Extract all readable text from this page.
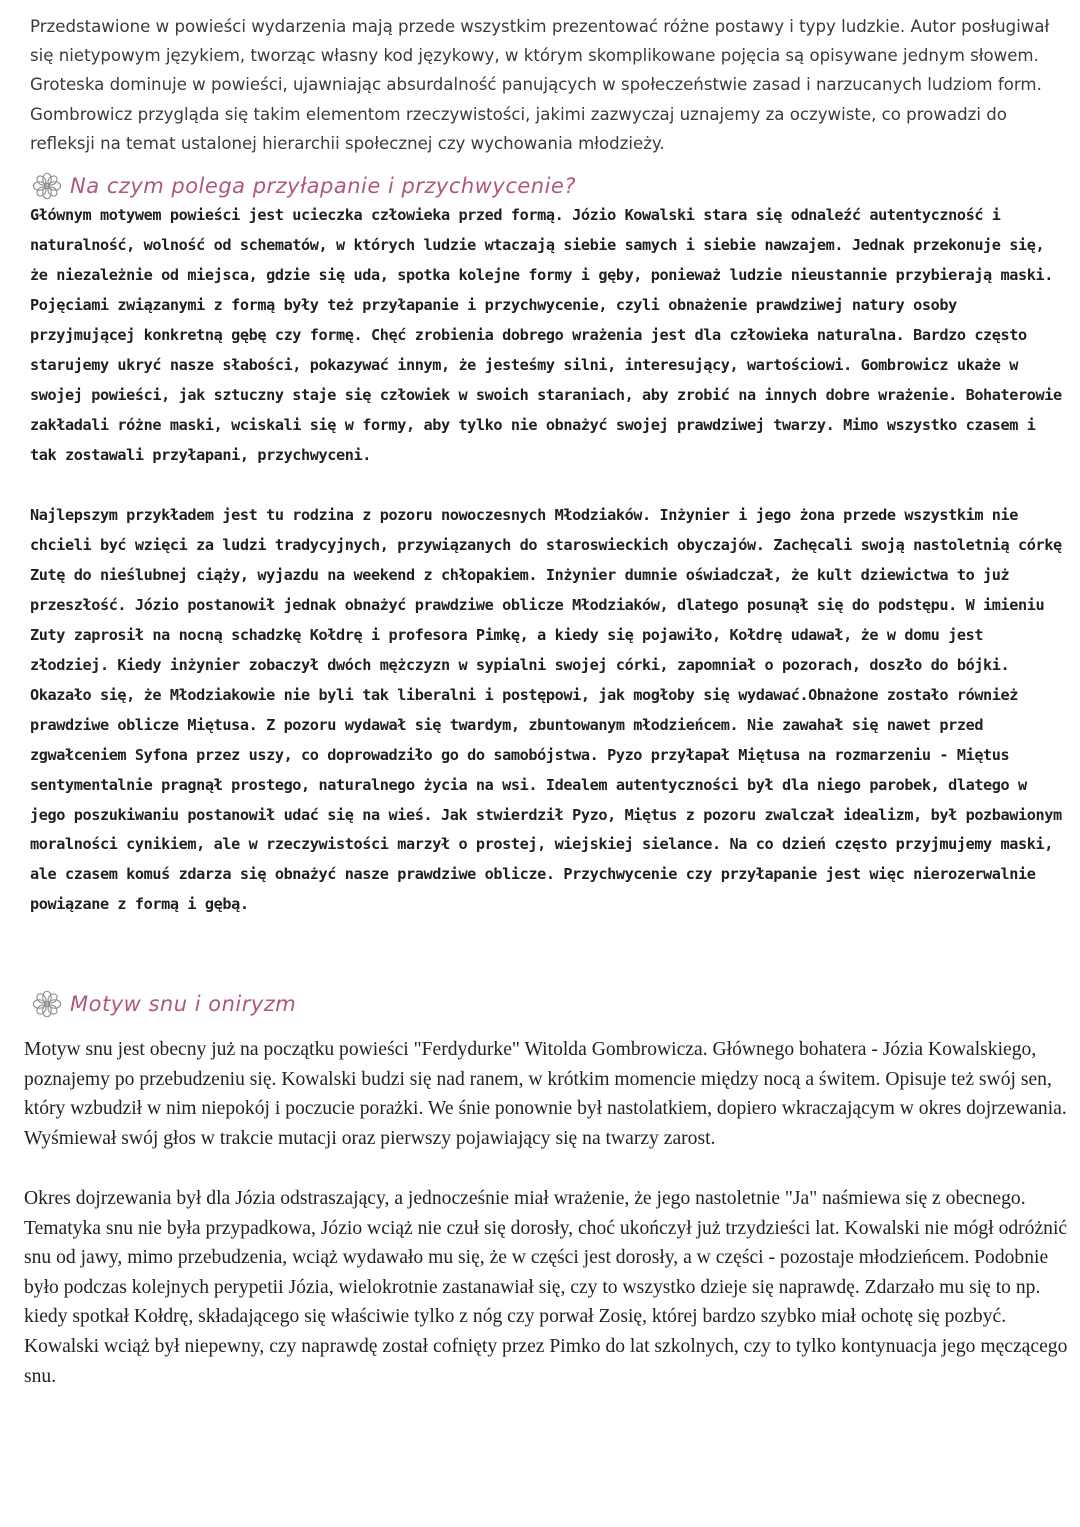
Przedstawione w powieści wydarzenia mają przede wszystkim prezentować różne postawy i typy ludzkie. Autor posługiwał się nietypowym językiem, tworząc własny kod językowy, w którym skomplikowane pojęcia są opisywane jednym słowem. Groteska dominuje w powieści, ujawniając absurdalność panujących w społeczeństwie zasad i narzucanych ludziom form. Gombrowicz przygląda się takim elementom rzeczywistości, jakimi zazwyczaj uznajemy za oczywiste, co prowadzi do refleksji na temat ustalonej hierarchii społecznej czy wychowania młodzieży.

Na czym polega przyłapanie i przychwycenie?

Głównym motywem powieści jest ucieczka człowieka przed formą. Józio Kowalski stara się odnaleźć autentyczność i naturalność, wolność od schematów, w których ludzie wtaczają siebie samych i siebie nawzajem. Jednak przekonuje się, że niezależnie od miejsca, gdzie się uda, spotka kolejne formy i gęby, ponieważ ludzie nieustannie przybierają maski. Pojęciami związanymi z formą były też przyłapanie i przychwycenie, czyli obnażenie prawdziwej natury osoby przyjmującej konkretną gębę czy formę. Chęć zrobienia dobrego wrażenia jest dla człowieka naturalna. Bardzo często starujemy ukryć nasze słabości, pokazywać innym, że jesteśmy silni, interesujący, wartościowi. Gombrowicz ukaże w swojej powieści, jak sztuczny staje się człowiek w swoich staraniach, aby zrobić na innych dobre wrażenie. Bohaterowie zakładali różne maski, wciskali się w formy, aby tylko nie obnażyć swojej prawdziwej twarzy. Mimo wszystko czasem i tak zostawali przyłapani, przychwyceni.

Najlepszym przykładem jest tu rodzina z pozoru nowoczesnych Młodziaków. Inżynier i jego żona przede wszystkim nie chcieli być wzięci za ludzi tradycyjnych, przywiązanych do staroswieckich obyczajów. Zachęcali swoją nastoletnią córkę Zutę do nieślubnej ciąży, wyjazdu na weekend z chłopakiem. Inżynier dumnie oświadczał, że kult dziewictwa to już przeszłość. Józio postanowił jednak obnażyć prawdziwe oblicze Młodziaków, dlatego posunął się do podstępu. W imieniu Zuty zaprosił na nocną schadzkę Kołdrę i profesora Pimkę, a kiedy się pojawiło, Kołdrę udawał, że w domu jest złodziej. Kiedy inżynier zobaczył dwóch mężczyzn w sypialni swojej córki, zapomniał o pozorach, doszło do bójki. Okazało się, że Młodziakowie nie byli tak liberalni i postępowi, jak mogłoby się wydawać.Obnażone zostało również prawdziwe oblicze Miętusa. Z pozoru wydawał się twardym, zbuntowanym młodzieńcem. Nie zawahał się nawet przed zgwałceniem Syfona przez uszy, co doprowadziło go do samobójstwa. Pyzo przyłapał Miętusa na rozmarzeniu - Miętus sentymentalnie pragnął prostego, naturalnego życia na wsi. Idealem autentyczności był dla niego parobek, dlatego w jego poszukiwaniu postanowił udać się na wieś. Jak stwierdził Pyzo, Miętus z pozoru zwalczał idealizm, był pozbawionym moralności cynikiem, ale w rzeczywistości marzył o prostej, wiejskiej sielance. Na co dzień często przyjmujemy maski, ale czasem komuś zdarza się obnażyć nasze prawdziwe oblicze. Przychwycenie czy przyłapanie jest więc nierozerwalnie powiązane z formą i gębą.

Motyw snu i oniryzm

Motyw snu jest obecny już na początku powieści "Ferdydurke" Witolda Gombrowicza. Głównego bohatera - Józia Kowalskiego, poznajemy po przebudzeniu się. Kowalski budzi się nad ranem, w krótkim momencie między nocą a świtem. Opisuje też swój sen, który wzbudził w nim niepokój i poczucie porażki. We śnie ponownie był nastolatkiem, dopiero wkraczającym w okres dojrzewania. Wyśmiewał swój głos w trakcie mutacji oraz pierwszy pojawiający się na twarzy zarost.

Okres dojrzewania był dla Józia odstraszający, a jednocześnie miał wrażenie, że jego nastoletnie "Ja" naśmiewa się z obecnego. Tematyka snu nie była przypadkowa, Józio wciąż nie czuł się dorosły, choć ukończył już trzydzieści lat. Kowalski nie mógł odróżnić snu od jawy, mimo przebudzenia, wciąż wydawało mu się, że w części jest dorosły, a w części - pozostaje młodzieńcem. Podobnie było podczas kolejnych perypetii Józia, wielokrotnie zastanawiał się, czy to wszystko dzieje się naprawdę. Zdarzało mu się to np. kiedy spotkał Kołdrę, składającego się właściwie tylko z nóg czy porwał Zosię, której bardzo szybko miał ochotę się pozbyć. Kowalski wciąż był niepewny, czy naprawdę został cofnięty przez Pimko do lat szkolnych, czy to tylko kontynuacja jego męczącego snu.
